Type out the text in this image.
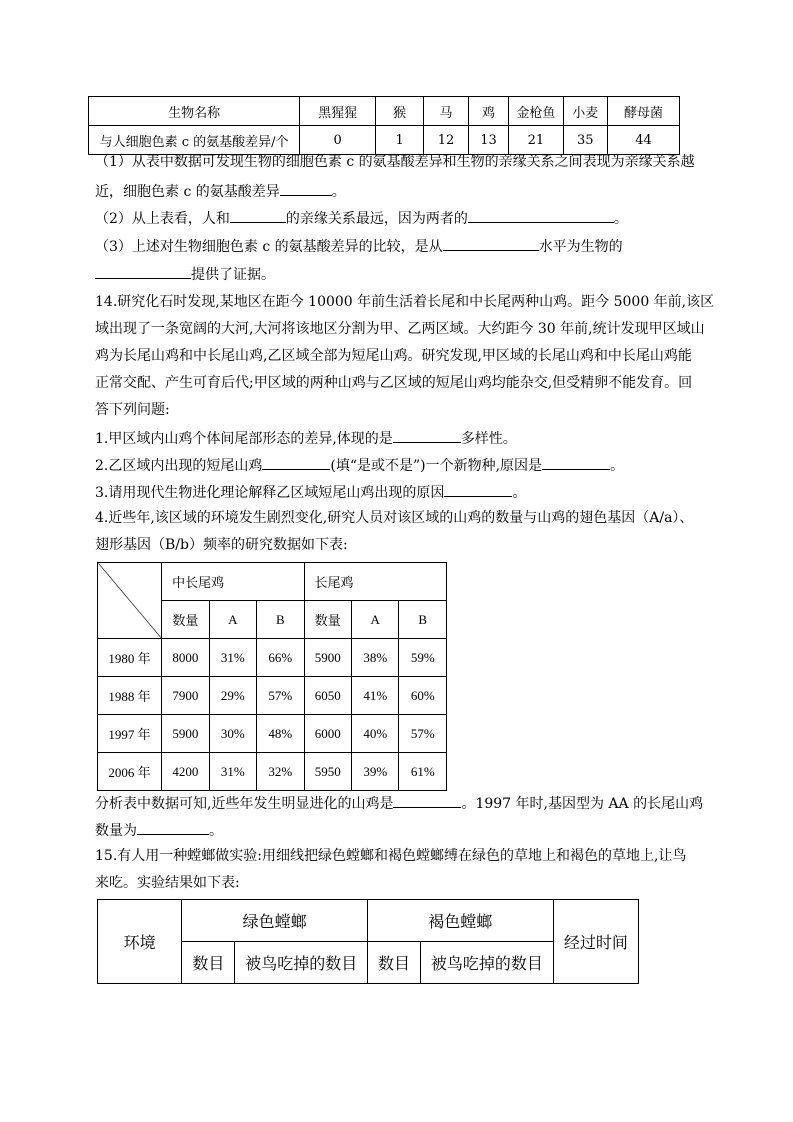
生物名称	黑猩猩	猴	马	鸡	金枪鱼	小麦	酵母菌
与人细胞色素 c 的氨基酸差异/个	0	1	12	13	21	35	44
（1）从表中数据可发现生物的细胞色素 c 的氨基酸差异和生物的亲缘关系之间表现为亲缘关系越
近，细胞色素 c 的氨基酸差异	。
（2）从上表看，人和	的亲缘关系最远，因为两者的	。
（3）上述对生物细胞色素 c 的氨基酸差异的比较，是从	水平为生物的
提供了证据。
14.研究化石时发现,某地区在距今 10000 年前生活着长尾和中长尾两种山鸡。距今 5000 年前,该区
域出现了一条宽阔的大河,大河将该地区分割为甲、乙两区域。大约距今 30 年前,统计发现甲区域山
鸡为长尾山鸡和中长尾山鸡,乙区域全部为短尾山鸡。研究发现,甲区域的长尾山鸡和中长尾山鸡能
正常交配、产生可育后代;甲区域的两种山鸡与乙区域的短尾山鸡均能杂交,但受精卵不能发育。回
答下列问题:
1.甲区域内山鸡个体间尾部形态的差异,体现的是	多样性。
2.乙区域内出现的短尾山鸡	(填“是或不是”)一个新物种,原因是	。
3.请用现代生物进化理论解释乙区域短尾山鸡出现的原因	。
4.近些年,该区域的环境发生剧烈变化,研究人员对该区域的山鸡的数量与山鸡的翅色基因（A/a）、
翅形基因（B/b）频率的研究数据如下表:
	中长尾鸡			长尾鸡		
	数量	A	B	数量	A	B
1980 年	8000	31%	66%	5900	38%	59%
1988 年	7900	29%	57%	6050	41%	60%
1997 年	5900	30%	48%	6000	40%	57%
2006 年	4200	31%	32%	5950	39%	61%
分析表中数据可知,近些年发生明显进化的山鸡是	。1997 年时,基因型为 AA 的长尾山鸡
数量为	。
15.有人用一种螳螂做实验:用细线把绿色螳螂和褐色螳螂缚在绿色的草地上和褐色的草地上,让鸟
来吃。实验结果如下表:
环境	绿色螳螂		褐色螳螂		经过时间
	数目	被鸟吃掉的数目	数目	被鸟吃掉的数目	
